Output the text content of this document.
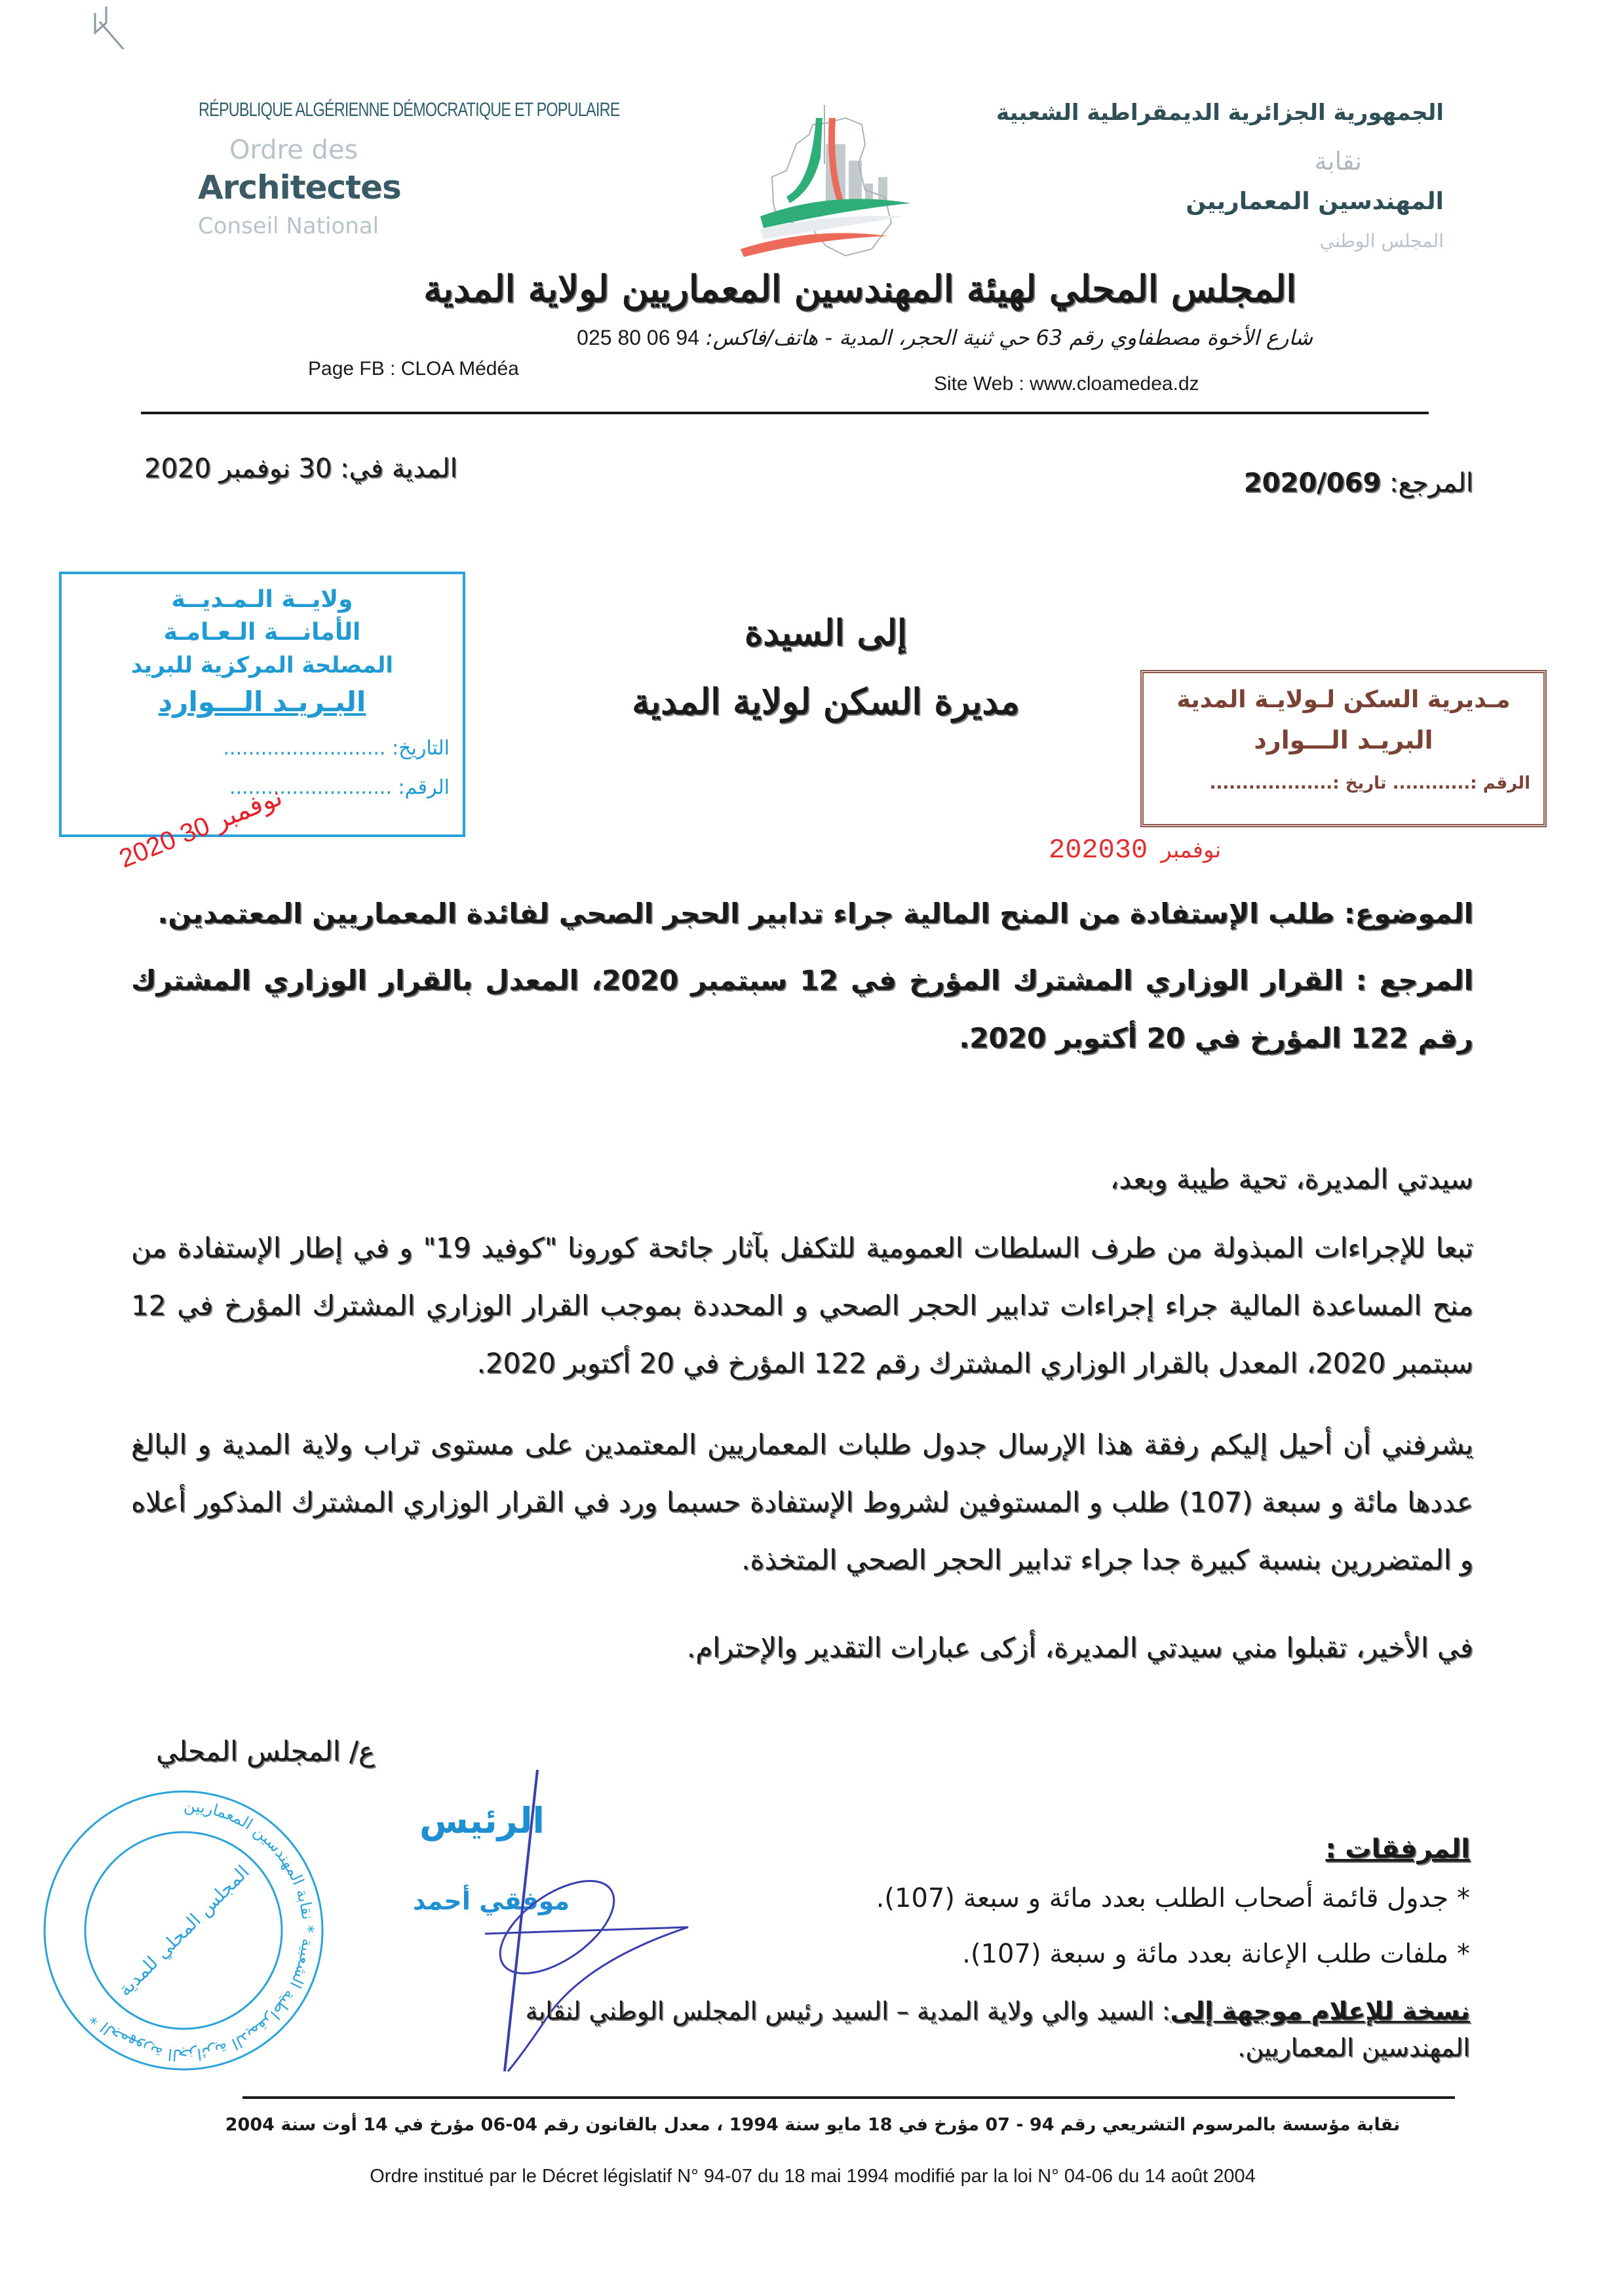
RÉPUBLIQUE ALGÉRIENNE DÉMOCRATIQUE ET POPULAIRE
Ordre des
Architectes
Conseil National
الجمهورية الجزائرية الديمقراطية الشعبية
نقابة
المهندسين المعماريين
المجلس الوطني
المجلس المحلي لهيئة المهندسين المعماريين لولاية المدية
شارع الأخوة مصطفاوي رقم 63 حي ثنية الحجر، المدية - هاتف/فاكس:025 80 06 94
Page FB : CLOA Médéa
Site Web : www.cloamedea.dz
المدية في: 30 نوفمبر 2020	المرجع: 2020/069
إلى السيدة
مديرة السكن لولاية المدية
ولايــة الـمـديــة
الأمانـــة الـعـامـة
المصلحة المركزية للبريد
البـريـد الـــوارد
التاريخ: ..........................
الرقم: ..........................
2020 نوفمبر 30
مـديرية السكن لـولايـة المدية
البريـد الـــوارد
الرقم :............ تاريخ :...................
2020 نوفمبر30
الموضوع: طلب الإستفادة من المنح المالية جراء تدابير الحجر الصحي لفائدة المعماريين المعتمدين.
المرجع : القرار الوزاري المشترك المؤرخ في 12 سبتمبر 2020، المعدل بالقرار الوزاري المشترك رقم 122 المؤرخ في 20 أكتوبر 2020.
سيدتي المديرة، تحية طيبة وبعد،
تبعا للإجراءات المبذولة من طرف السلطات العمومية للتكفل بآثار جائحة كورونا "كوفيد 19" و في إطار الإستفادة من منح المساعدة المالية جراء إجراءات تدابير الحجر الصحي و المحددة بموجب القرار الوزاري المشترك المؤرخ في 12 سبتمبر 2020، المعدل بالقرار الوزاري المشترك رقم 122 المؤرخ في 20 أكتوبر 2020.
يشرفني أن أحيل إليكم رفقة هذا الإرسال جدول طلبات المعماريين المعتمدين على مستوى تراب ولاية المدية و البالغ عددها مائة و سبعة (107) طلب و المستوفين لشروط الإستفادة حسبما ورد في القرار الوزاري المشترك المذكور أعلاه و المتضررين بنسبة كبيرة جدا جراء تدابير الحجر الصحي المتخذة.
في الأخير، تقبلوا مني سيدتي المديرة، أزكى عبارات التقدير والإحترام.
ع/ المجلس المحلي
الجمهورية الجزائرية الديمقراطية الشعبية * نقابة المهندسين المعماريين *
المجلس المحلي للمدية
الرئيس
موفقي أحمد
المرفقات :
* جدول قائمة أصحاب الطلب بعدد مائة و سبعة (107).
* ملفات طلب الإعانة بعدد مائة و سبعة (107).
نسخة للإعلام موجهة إلى: السيد والي ولاية المدية – السيد رئيس المجلس الوطني لنقابة المهندسين المعماريين.
نقابة مؤسسة بالمرسوم التشريعي رقم 94 - 07 مؤرخ في 18 مايو سنة 1994 ، معدل بالقانون رقم 04-06 مؤرخ في 14 أوت سنة 2004
Ordre institué par le Décret législatif N° 94-07 du 18 mai 1994 modifié par la loi N° 04-06 du 14 août 2004
